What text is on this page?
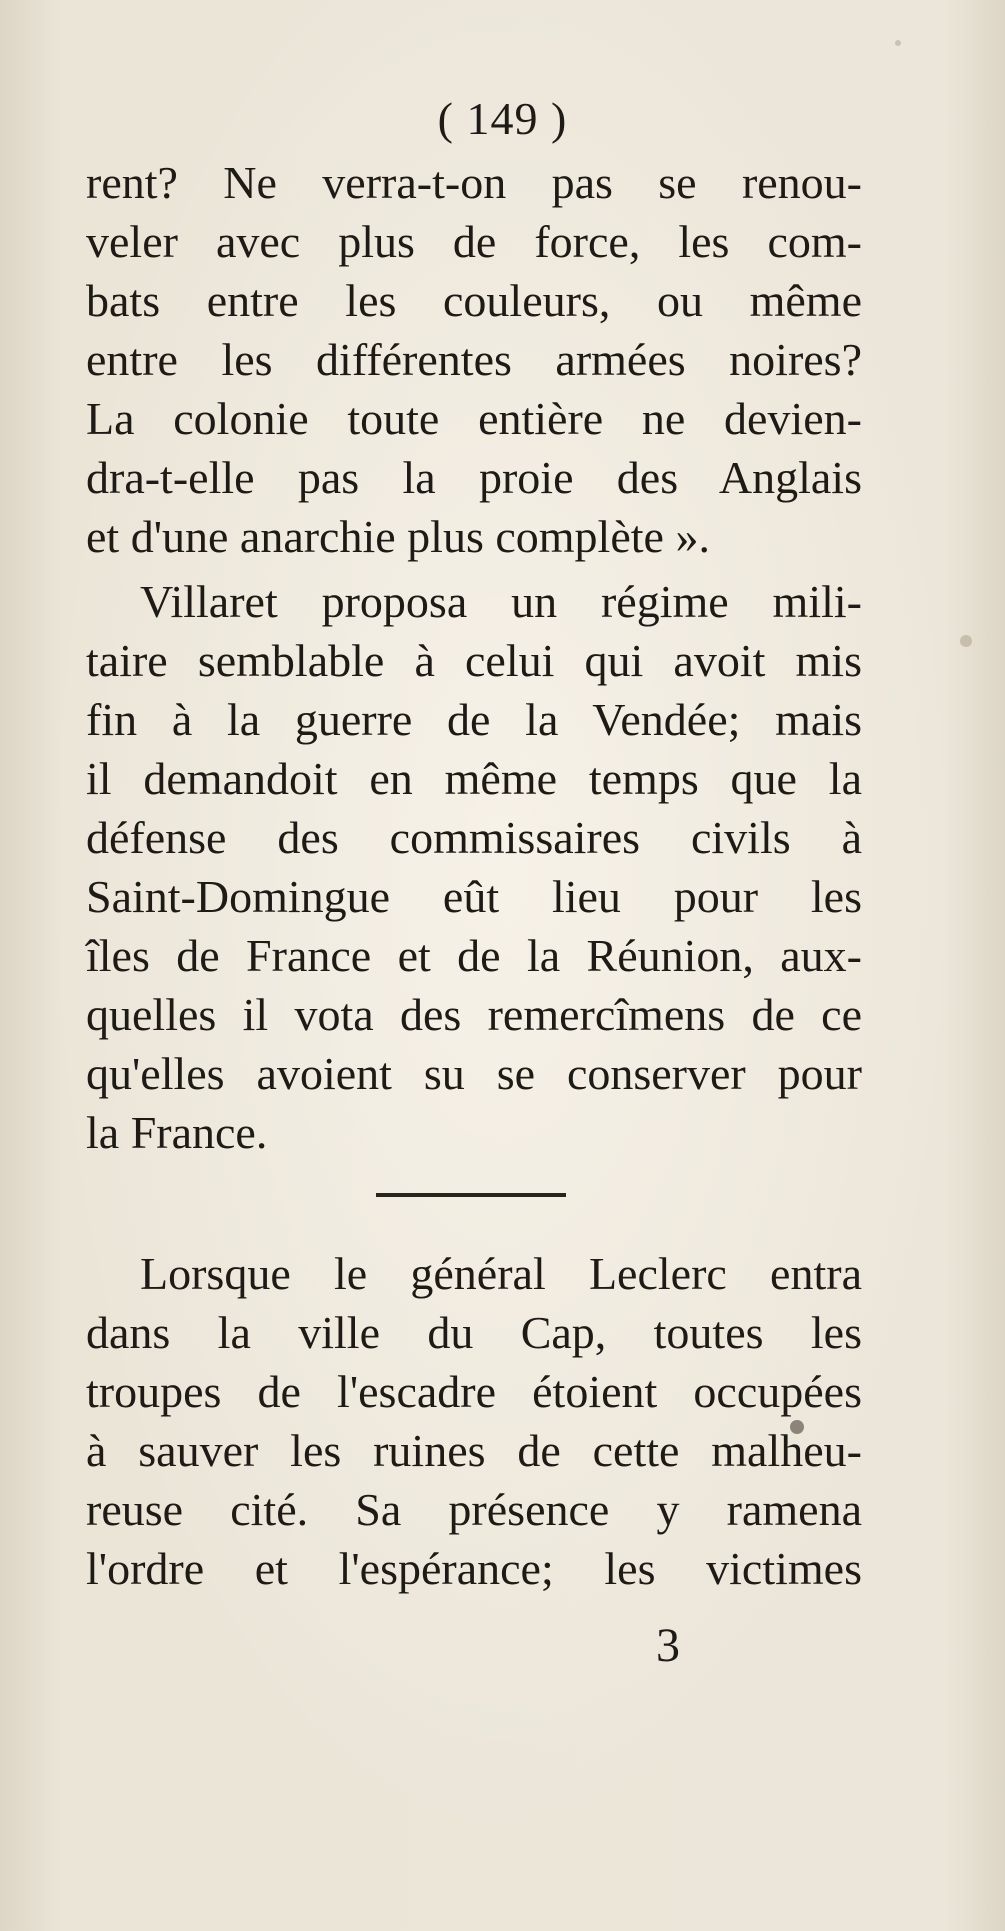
( 149 )
rent? Ne verra-t-on pas se renou-
veler avec plus de force, les com-
bats entre les couleurs, ou même
entre les différentes armées noires?
La colonie toute entière ne devien-
dra-t-elle pas la proie des Anglais
et d'une anarchie plus complète ».
Villaret proposa un régime mili-
taire semblable à celui qui avoit mis
fin à la guerre de la Vendée; mais
il demandoit en même temps que la
défense des commissaires civils à
Saint-Domingue eût lieu pour les
îles de France et de la Réunion, aux-
quelles il vota des remercîmens de ce
qu'elles avoient su se conserver pour
la France.
Lorsque le général Leclerc entra
dans la ville du Cap, toutes les
troupes de l'escadre étoient occupées
à sauver les ruines de cette malheu-
reuse cité. Sa présence y ramena
l'ordre et l'espérance; les victimes
3
